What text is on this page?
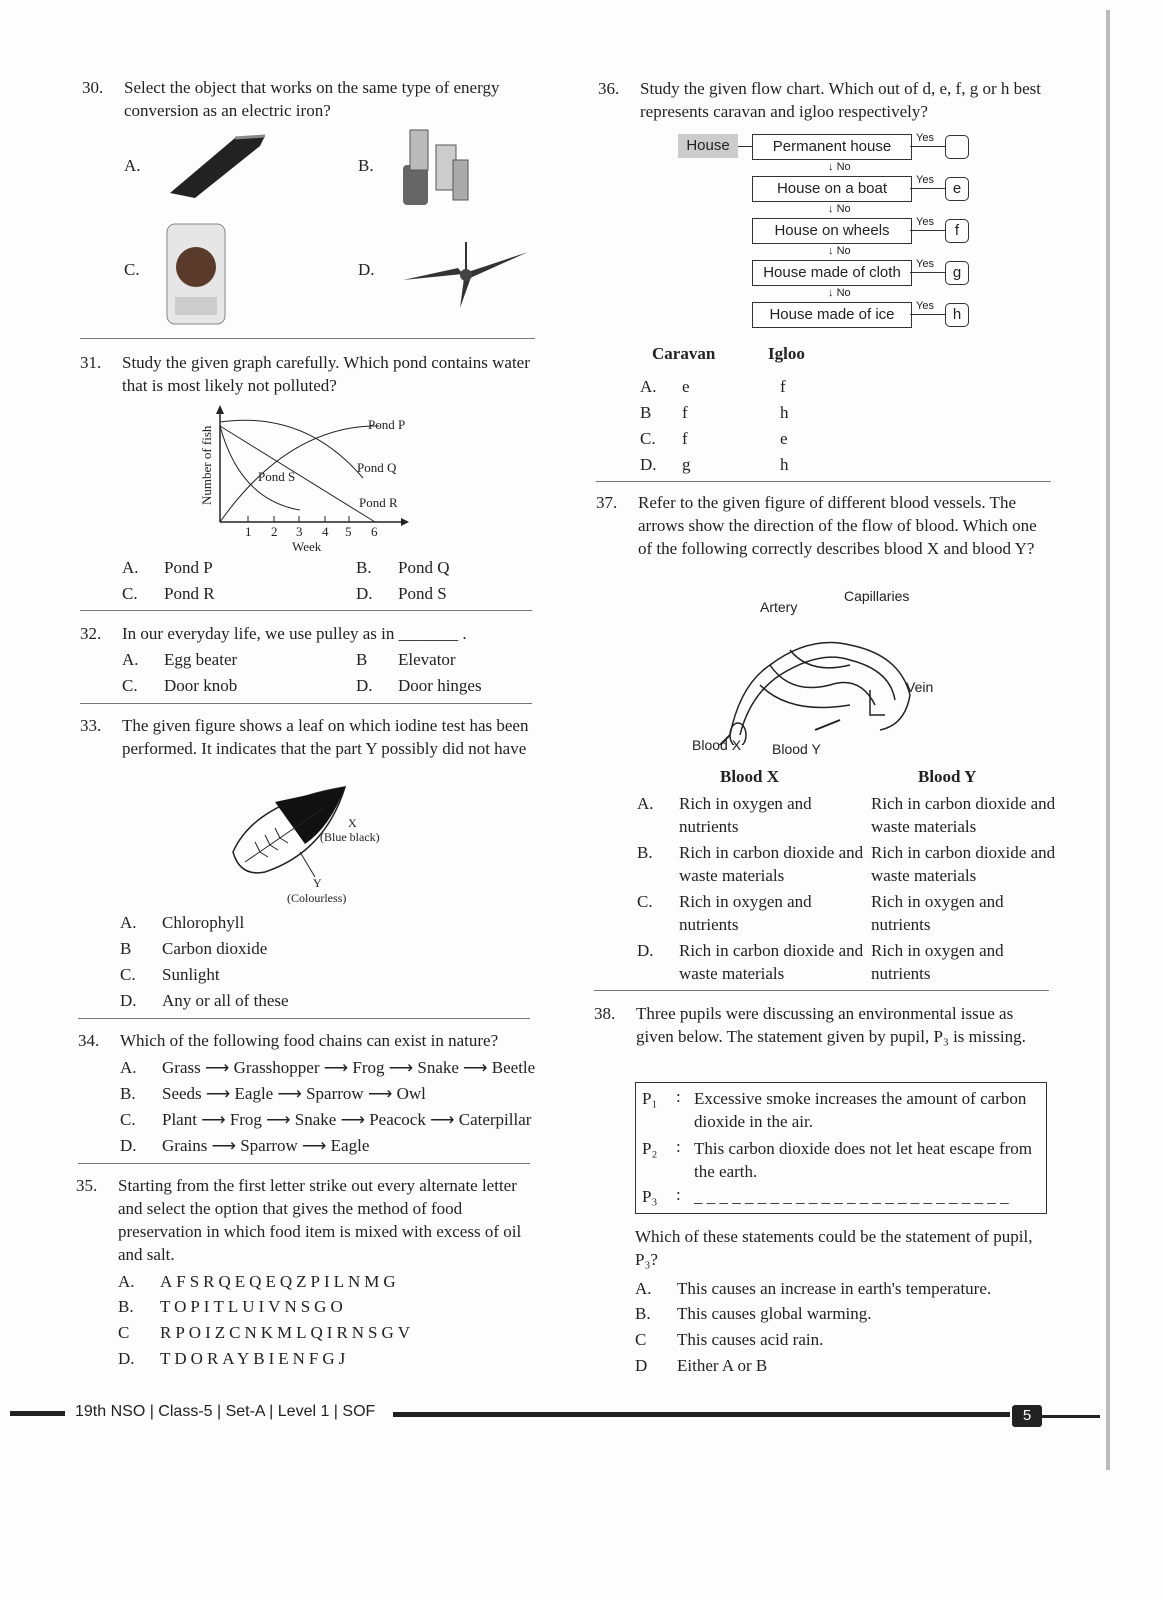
30. Select the object that works on the same type of energy conversion as an electric iron?
A.	B.
C.	D.
31. Study the given graph carefully. Which pond contains water that is most likely not polluted?
Number of fish
Pond P
Pond Q
Pond R
Pond S
1 2 3 4 5 6
Week
A. Pond P	B. Pond Q
C. Pond R	D. Pond S
32. In our everyday life, we use pulley as in _______ .
A. Egg beater	B Elevator
C. Door knob	D. Door hinges
33. The given figure shows a leaf on which iodine test has been performed. It indicates that the part Y possibly did not have
X
(Blue black)
Y
(Colourless)
A. Chlorophyll
B Carbon dioxide
C. Sunlight
D. Any or all of these
34. Which of the following food chains can exist in nature?
A. Grass ⟶ Grasshopper ⟶ Frog ⟶ Snake ⟶ Beetle
B. Seeds ⟶ Eagle ⟶ Sparrow ⟶ Owl
C. Plant ⟶ Frog ⟶ Snake ⟶ Peacock ⟶ Caterpillar
D. Grains ⟶ Sparrow ⟶ Eagle
35. Starting from the first letter strike out every alternate letter and select the option that gives the method of food preservation in which food item is mixed with excess of oil and salt.
A. AFSRQEQEQZPILNMG
B. TOPITLUIVNSGO
C RPOIZCNKMLQIRNSGV
D. TDORAYBIENFGJ
36. Study the given flow chart. Which out of d, e, f, g or h best represents caravan and igloo respectively?
House	Permanent house
House on a boat
House on wheels
House made of cloth
House made of ice
e
f
g
h
Yes
Yes
Yes
Yes
Yes
↓ No
↓ No
↓ No
↓ No
Caravan	Igloo
A. e	f
B f	h
C. f	e
D. g	h
37. Refer to the given figure of different blood vessels. The arrows show the direction of the flow of blood. Which one of the following correctly describes blood X and blood Y?
Artery
Capillaries
Vein
Blood X Blood Y
Blood X	Blood Y
A. Rich in oxygen and nutrients
Rich in carbon dioxide and waste materials
B. Rich in carbon dioxide and waste materials
Rich in carbon dioxide and waste materials
C. Rich in oxygen and nutrients
Rich in oxygen and nutrients
D. Rich in carbon dioxide and waste materials
Rich in oxygen and nutrients
38. Three pupils were discussing an environmental issue as given below. The statement given by pupil, P₃ is missing.
P₁ : Excessive smoke increases the amount of carbon dioxide in the air.
P₂ : This carbon dioxide does not let heat escape from the earth.
P₃ : _ _ _ _ _ _ _ _ _ _ _ _ _ _ _ _ _ _ _ _ _ _ _ _ _
Which of these statements could be the statement of pupil, P₃?
A. This causes an increase in earth's temperature.
B. This causes global warming.
C This causes acid rain.
D Either A or B
19th NSO | Class-5 | Set-A | Level 1 | SOF	5
